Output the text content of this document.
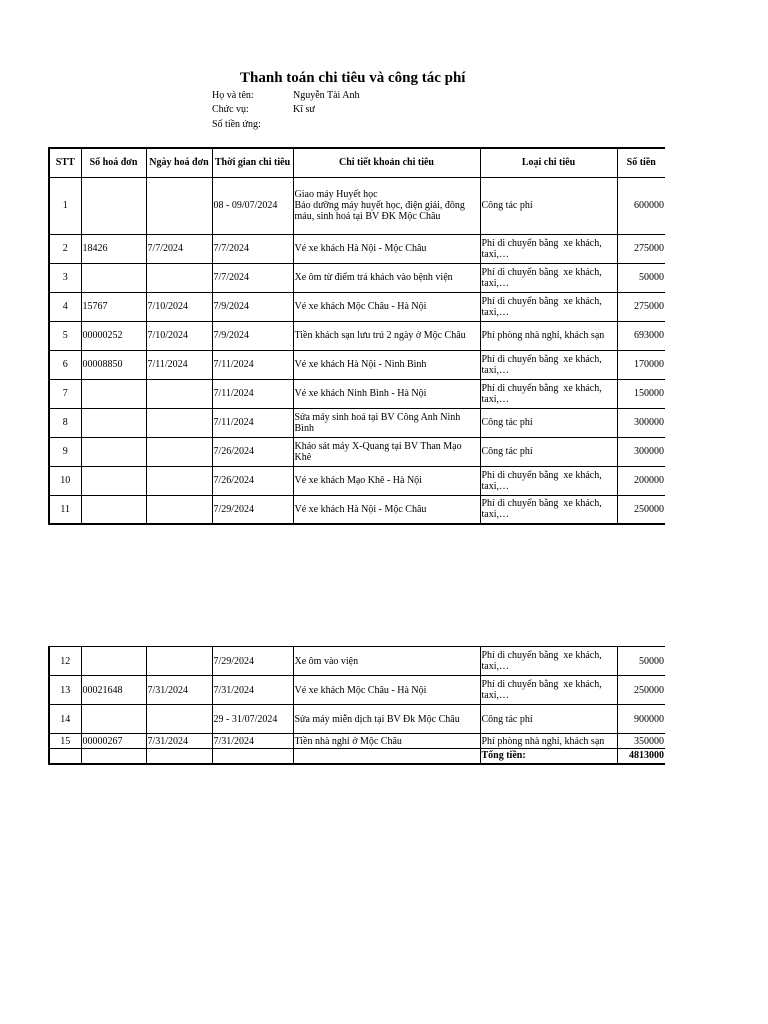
Thanh toán chi tiêu và công tác phí
Họ và tên:	Nguyễn Tài Anh
Chức vụ:	Kĩ sư
Số tiền ứng:
STT	Số hoá đơn	Ngày hoá đơn	Thời gian chi tiêu	Chi tiết khoản chi tiêu	Loại chi tiêu	Số tiền
1			08 - 09/07/2024	Giao máy Huyết học
Bảo dưỡng máy huyết học, điện giải, đông máu, sinh hoá tại BV ĐK Mộc Châu	Công tác phí	600000
2	18426	7/7/2024	7/7/2024	Vé xe khách Hà Nội - Mộc Châu	Phí di chuyển bằng  xe khách, taxi,…	275000
3			7/7/2024	Xe ôm từ điểm trả khách vào bệnh viện	Phí di chuyển bằng  xe khách, taxi,…	50000
4	15767	7/10/2024	7/9/2024	Vé xe khách Mộc Châu - Hà Nội	Phí di chuyển bằng  xe khách, taxi,…	275000
5	00000252	7/10/2024	7/9/2024	Tiền khách sạn lưu trú 2 ngày ở Mộc Châu	Phí phòng nhà nghỉ, khách sạn	693000
6	00008850	7/11/2024	7/11/2024	Vé xe khách Hà Nội - Ninh Bình	Phí di chuyển bằng  xe khách, taxi,…	170000
7			7/11/2024	Vé xe khách Ninh Bình - Hà Nội	Phí di chuyển bằng  xe khách, taxi,…	150000
8			7/11/2024	Sửa máy sinh hoá tại BV Công Anh Ninh Bình	Công tác phí	300000
9			7/26/2024	Khảo sát máy X-Quang tại BV Than Mạo Khê	Công tác phí	300000
10			7/26/2024	Vé xe khách Mạo Khê - Hà Nội	Phí di chuyển bằng  xe khách, taxi,…	200000
11			7/29/2024	Vé xe khách Hà Nội - Mộc Châu	Phí di chuyển bằng  xe khách, taxi,…	250000
12			7/29/2024	Xe ôm vào viện	Phí di chuyển bằng  xe khách, taxi,…	50000
13	00021648	7/31/2024	7/31/2024	Vé xe khách Mộc Châu - Hà Nội	Phí di chuyển bằng  xe khách, taxi,…	250000
14			29 - 31/07/2024	Sửa máy miễn dịch tại BV Đk Mộc Châu	Công tác phí	900000
15	00000267	7/31/2024	7/31/2024	Tiền nhà nghỉ ở Mộc Châu	Phí phòng nhà nghỉ, khách sạn	350000
					Tổng tiền:	4813000
